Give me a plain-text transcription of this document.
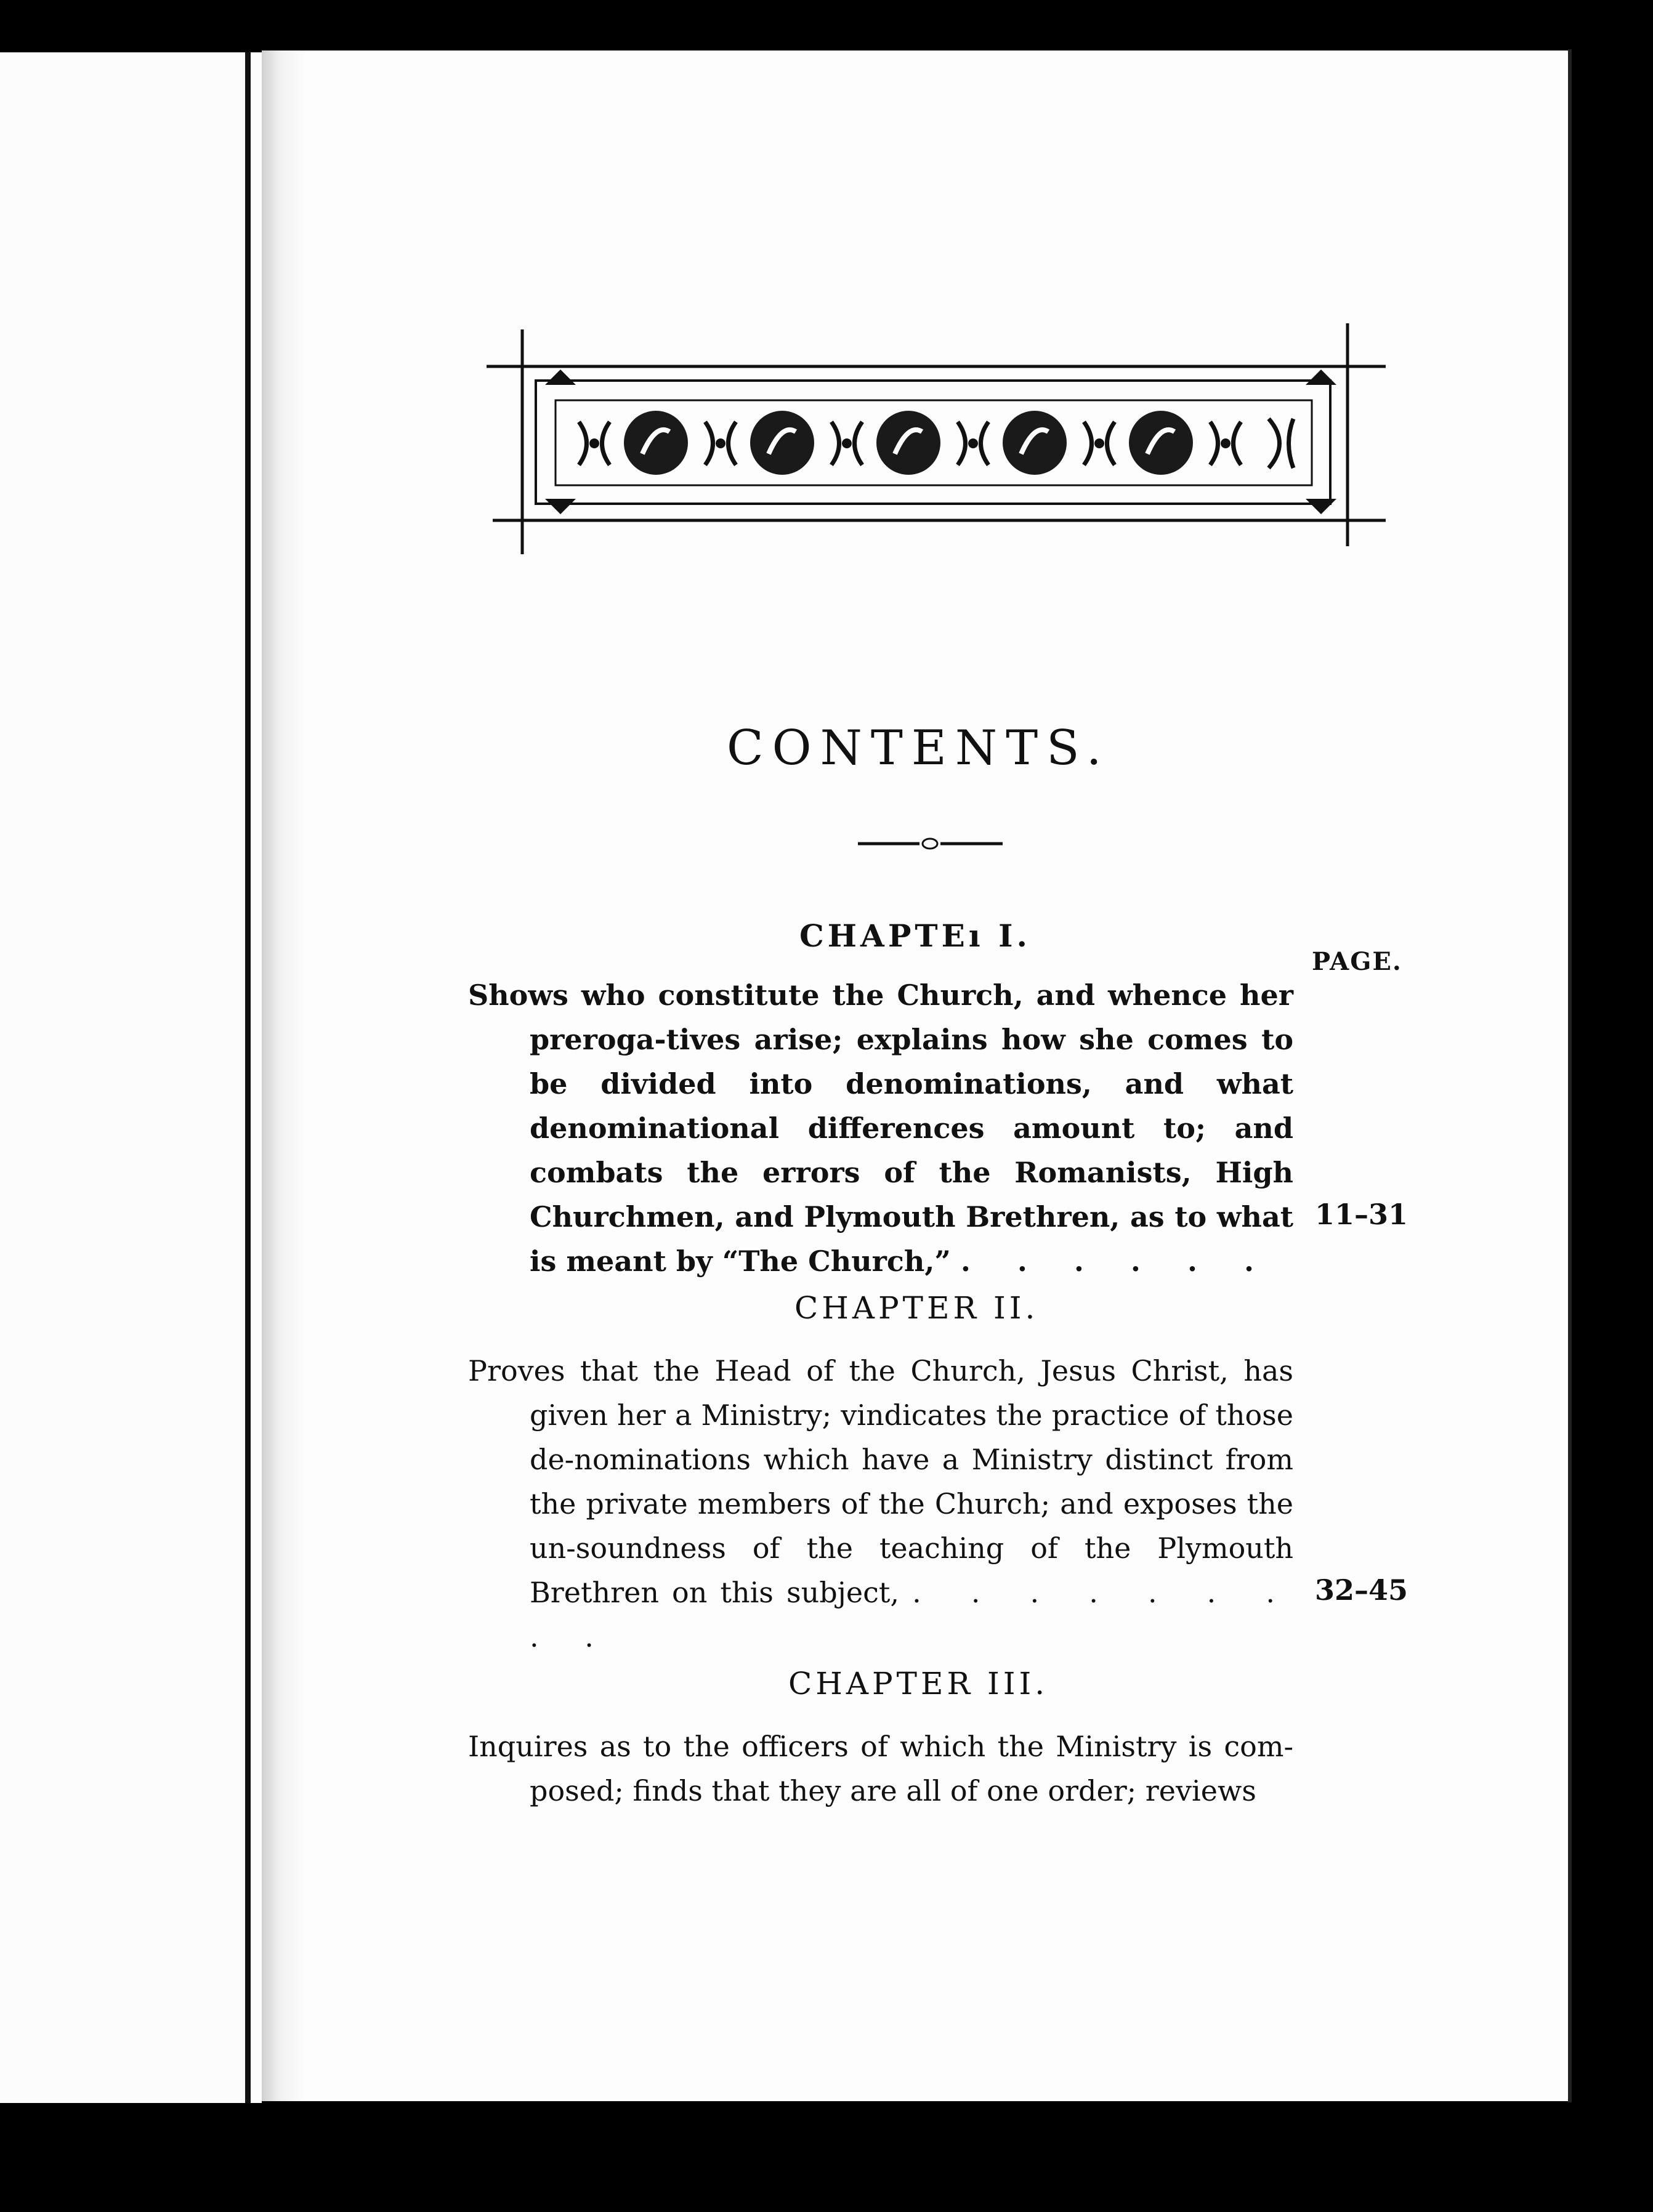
CONTENTS.
PAGE.
CHAPTEı I.
Shows who constitute the Church, and whence her preroga-tives arise; explains how she comes to be divided into denominations, and what denominational differences amount to; and combats the errors of the Romanists, High Churchmen, and Plymouth Brethren, as to what is meant by “The Church,” . . . . . .
11–31
CHAPTER II.
Proves that the Head of the Church, Jesus Christ, has given her a Ministry; vindicates the practice of those de-nominations which have a Ministry distinct from the private members of the Church; and exposes the un-soundness of the teaching of the Plymouth Brethren on this subject, . . . . . . . . .
32–45
CHAPTER III.
Inquires as to the officers of which the Ministry is com-posed; finds that they are all of one order; reviews
